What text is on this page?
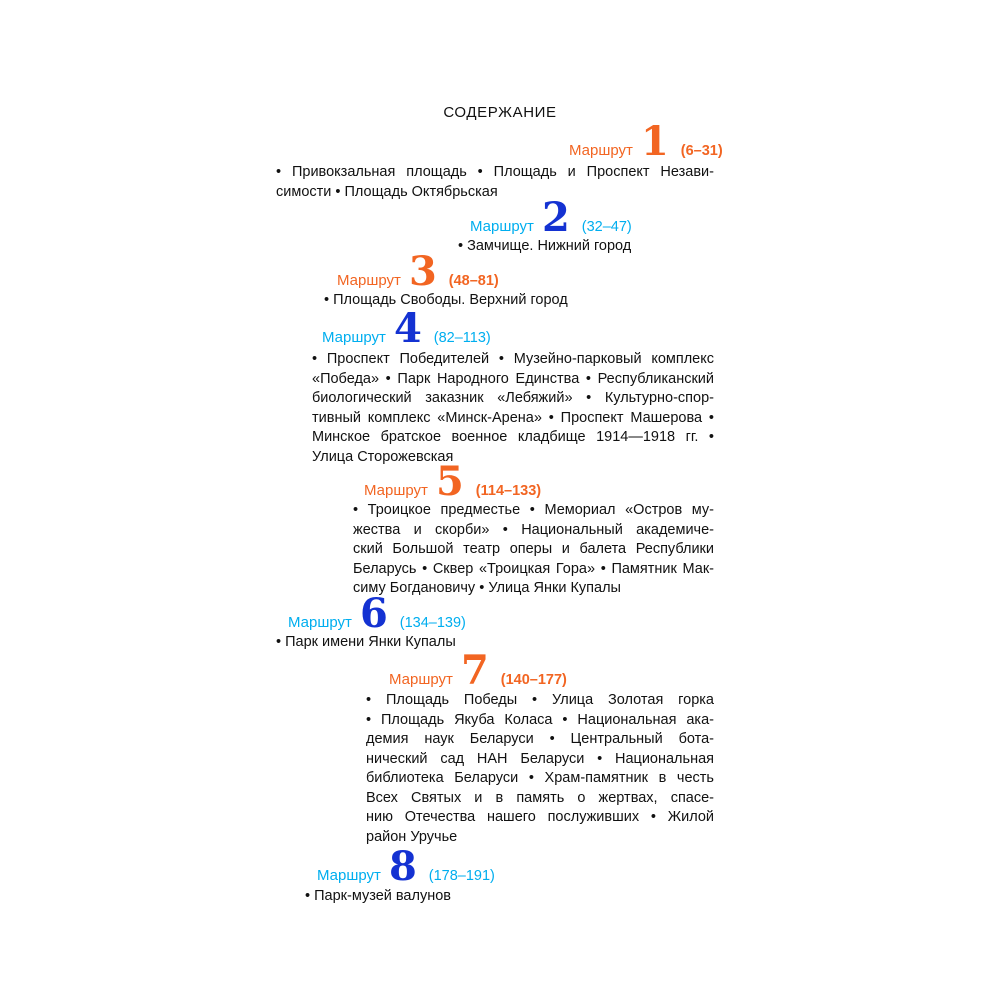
СОДЕРЖАНИЕ
Маршрут 1 (6–31)
• Привокзальная площадь • Площадь и Проспект Незави-
симости • Площадь Октябрьская
Маршрут 2 (32–47)
• Замчище. Нижний город
Маршрут 3 (48–81)
• Площадь Свободы. Верхний город
Маршрут 4 (82–113)
• Проспект Победителей • Музейно-парковый комплекс
«Победа» • Парк Народного Единства • Республиканский
биологический заказник «Лебяжий» • Культурно-спор-
тивный комплекс «Минск-Арена» • Проспект Машерова •
Минское братское военное кладбище 1914—1918 гг. •
Улица Сторожевская
Маршрут 5 (114–133)
• Троицкое предместье • Мемориал «Остров му-
жества и скорби» • Национальный академиче-
ский Большой театр оперы и балета Республики
Беларусь • Сквер «Троицкая Гора» • Памятник Мак-
симу Богдановичу • Улица Янки Купалы
Маршрут 6 (134–139)
• Парк имени Янки Купалы
Маршрут 7 (140–177)
• Площадь Победы • Улица Золотая горка
• Площадь Якуба Коласа • Национальная ака-
демия наук Беларуси • Центральный бота-
нический сад НАН Беларуси • Национальная
библиотека Беларуси • Храм-памятник в честь
Всех Святых и в память о жертвах, спасе-
нию Отечества нашего послуживших • Жилой
район Уручье
Маршрут 8 (178–191)
• Парк-музей валунов
